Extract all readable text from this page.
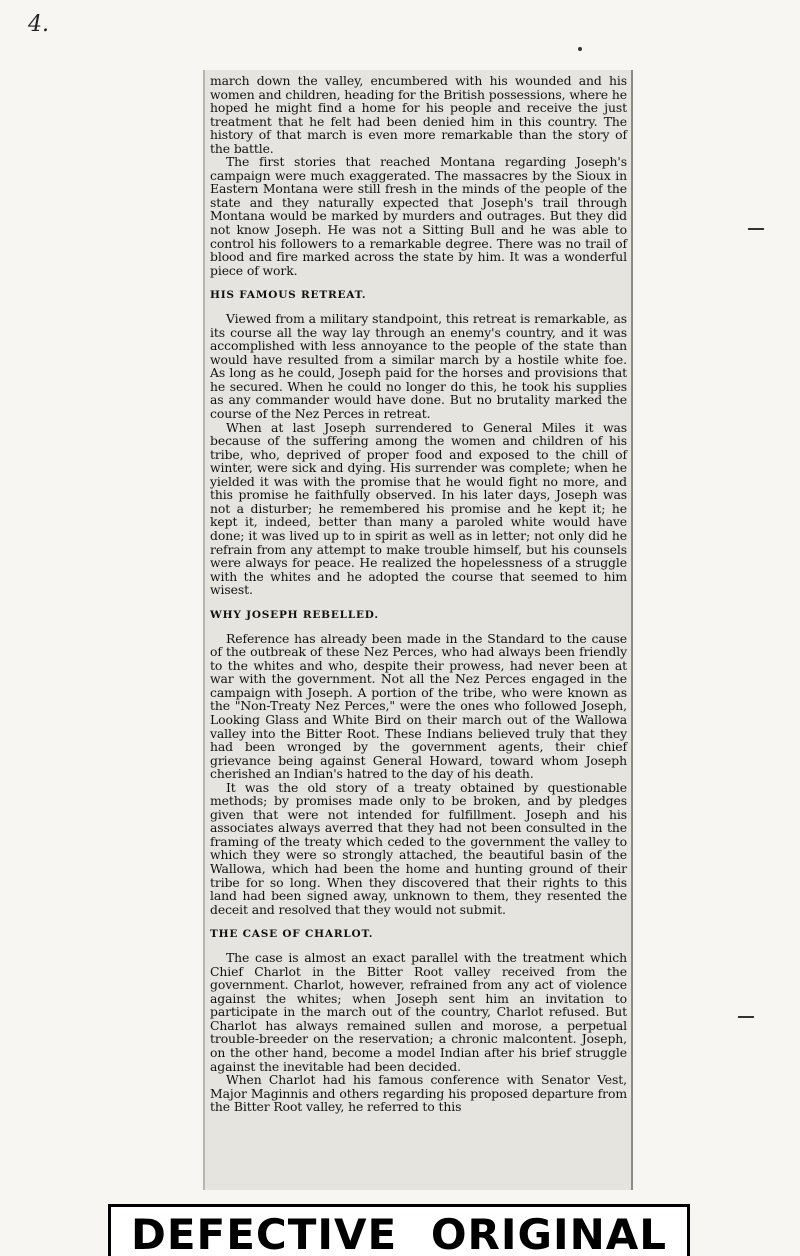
4.

march down the valley, encumbered with his wounded and his women and children, heading for the British possessions, where he hoped he might find a home for his people and receive the just treatment that he felt had been denied him in this country. The history of that march is even more remarkable than the story of the battle.

The first stories that reached Montana regarding Joseph's campaign were much exaggerated. The massacres by the Sioux in Eastern Montana were still fresh in the minds of the people of the state and they naturally expected that Joseph's trail through Montana would be marked by murders and outrages. But they did not know Joseph. He was not a Sitting Bull and he was able to control his followers to a remarkable degree. There was no trail of blood and fire marked across the state by him. It was a wonderful piece of work.

HIS FAMOUS RETREAT.

Viewed from a military standpoint, this retreat is remarkable, as its course all the way lay through an enemy's country, and it was accomplished with less annoyance to the people of the state than would have resulted from a similar march by a hostile white foe. As long as he could, Joseph paid for the horses and provisions that he secured. When he could no longer do this, he took his supplies as any commander would have done. But no brutality marked the course of the Nez Perces in retreat.

When at last Joseph surrendered to General Miles it was because of the suffering among the women and children of his tribe, who, deprived of proper food and exposed to the chill of winter, were sick and dying. His surrender was complete; when he yielded it was with the promise that he would fight no more, and this promise he faithfully observed. In his later days, Joseph was not a disturber; he remembered his promise and he kept it; he kept it, indeed, better than many a paroled white would have done; it was lived up to in spirit as well as in letter; not only did he refrain from any attempt to make trouble himself, but his counsels were always for peace. He realized the hopelessness of a struggle with the whites and he adopted the course that seemed to him wisest.

WHY JOSEPH REBELLED.

Reference has already been made in the Standard to the cause of the outbreak of these Nez Perces, who had always been friendly to the whites and who, despite their prowess, had never been at war with the government. Not all the Nez Perces engaged in the campaign with Joseph. A portion of the tribe, who were known as the "Non-Treaty Nez Perces," were the ones who followed Joseph, Looking Glass and White Bird on their march out of the Wallowa valley into the Bitter Root. These Indians believed truly that they had been wronged by the government agents, their chief grievance being against General Howard, toward whom Joseph cherished an Indian's hatred to the day of his death.

It was the old story of a treaty obtained by questionable methods; by promises made only to be broken, and by pledges given that were not intended for fulfillment. Joseph and his associates always averred that they had not been consulted in the framing of the treaty which ceded to the government the valley to which they were so strongly attached, the beautiful basin of the Wallowa, which had been the home and hunting ground of their tribe for so long. When they discovered that their rights to this land had been signed away, unknown to them, they resented the deceit and resolved that they would not submit.

THE CASE OF CHARLOT.

The case is almost an exact parallel with the treatment which Chief Charlot in the Bitter Root valley received from the government. Charlot, however, refrained from any act of violence against the whites; when Joseph sent him an invitation to participate in the march out of the country, Charlot refused. But Charlot has always remained sullen and morose, a perpetual trouble-breeder on the reservation; a chronic malcontent. Joseph, on the other hand, become a model Indian after his brief struggle against the inevitable had been decided.

When Charlot had his famous conference with Senator Vest, Major Maginnis and others regarding his proposed departure from the Bitter Root valley, he referred to this

DEFECTIVE ORIGINAL
